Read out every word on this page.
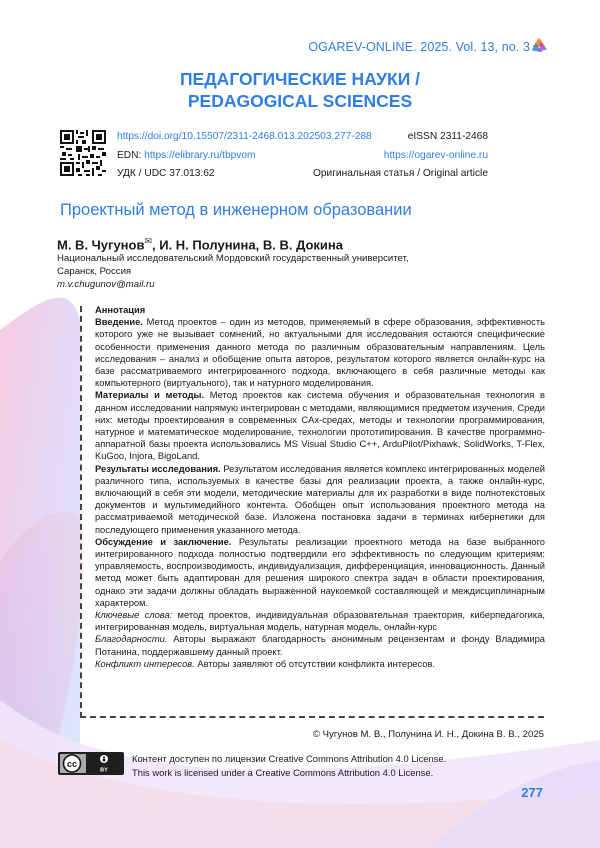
OGAREV-ONLINE. 2025. Vol. 13, no. 3
ПЕДАГОГИЧЕСКИЕ НАУКИ /
PEDAGOGICAL SCIENCES
https://doi.org/10.15507/2311-2468.013.202503.277-288	eISSN 2311-2468
EDN: https://elibrary.ru/tbpvom	https://ogarev-online.ru
УДК / UDC 37.013:62	Оригинальная статья / Original article
Проектный метод в инженерном образовании
М. В. Чугунов✉, И. Н. Полунина, В. В. Докина
Национальный исследовательский Мордовский государственный университет,
Саранск, Россия
m.v.chugunov@mail.ru
Аннотация

Введение. Метод проектов – один из методов, применяемый в сфере образования, эффективность которого уже не вызывает сомнений, но актуальными для исследования остаются специфические особенности применения данного метода по различным образовательным направлениям. Цель исследования – анализ и обобщение опыта авторов, результатом которого является онлайн-курс на базе рассматриваемого интегрированного подхода, включающего в себя различные методы как компьютерного (виртуального), так и натурного моделирования.

Материалы и методы. Метод проектов как система обучения и образовательная технология в данном исследовании напрямую интегрирован с методами, являющимися предметом изучения. Среди них: методы проектирования в современных CAx-средах, методы и технологии программирования, натурное и математическое моделирование, технологии прототипирования. В качестве программно-аппаратной базы проекта использовались MS Visual Studio C++, ArduPilot/Pixhawk, SolidWorks, T-Flex, KuGoo, Injora, BigoLand.

Результаты исследования. Результатом исследования является комплекс интегрированных моделей различного типа, используемых в качестве базы для реализации проекта, а также онлайн-курс, включающий в себя эти модели, методические материалы для их разработки в виде полнотекстовых документов и мультимедийного контента. Обобщен опыт использования проектного метода на рассматриваемой методической базе. Изложена постановка задачи в терминах кибернетики для последующего применения указанного метода.

Обсуждение и заключение. Результаты реализации проектного метода на базе выбранного интегрированного подхода полностью подтвердили его эффективность по следующим критериям: управляемость, воспроизводимость, индивидуализация, дифференциация, инновационность. Данный метод может быть адаптирован для решения широкого спектра задач в области проектирования, однако эти задачи должны обладать выраженной наукоемкой составляющей и междисциплинарным характером.

Ключевые слова: метод проектов, индивидуальная образовательная траектория, киберпедагогика, интегрированная модель, виртуальная модель, натурная модель, онлайн-курс

Благодарности. Авторы выражают благодарность анонимным рецензентам и фонду Владимира Потанина, поддержавшему данный проект.

Конфликт интересов. Авторы заявляют об отсутствии конфликта интересов.

© Чугунов М. В., Полунина И. Н., Докина В. В., 2025
cc
BY
Контент доступен по лицензии Creative Commons Attribution 4.0 License.
This work is licensed under a Creative Commons Attribution 4.0 License.
277
